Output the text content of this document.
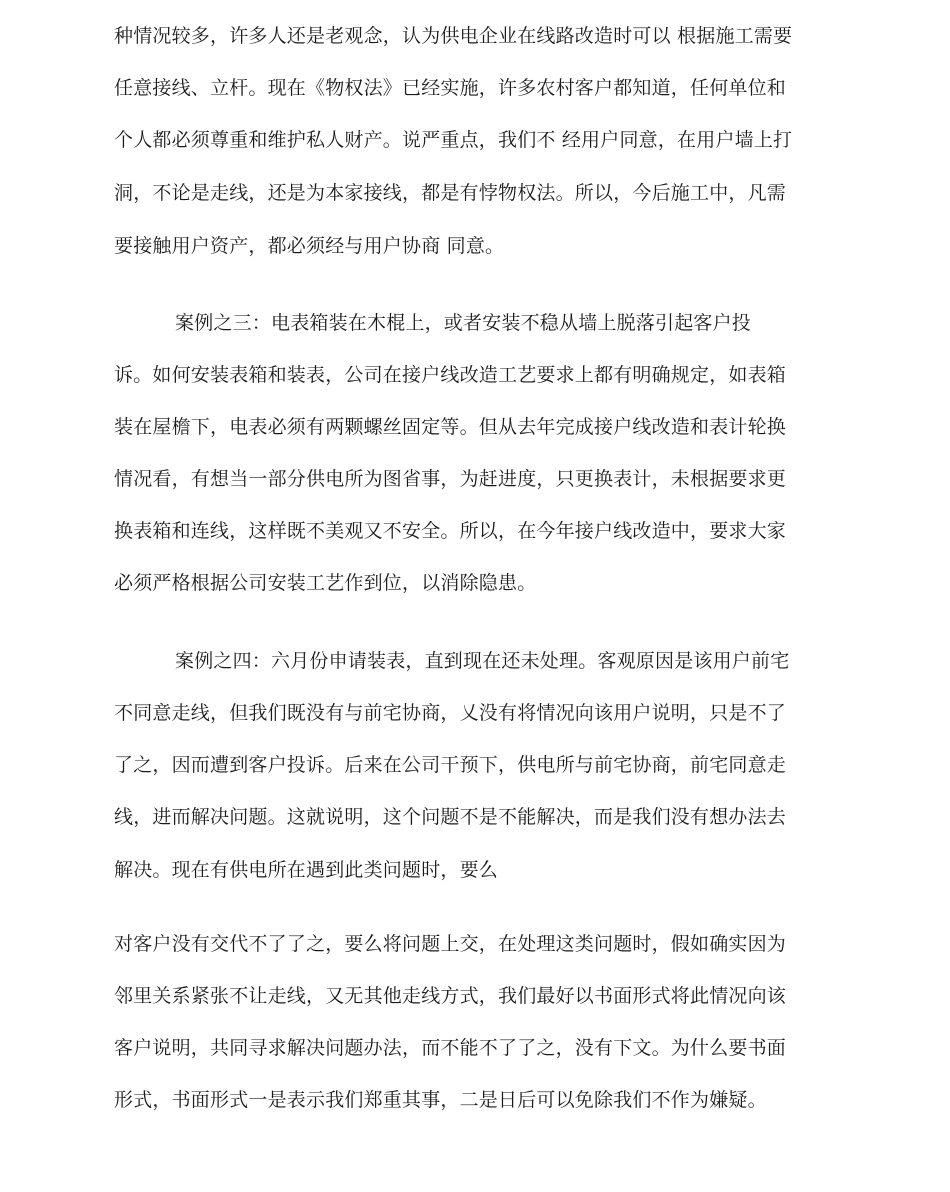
种情况较多，许多人还是老观念，认为供电企业在线路改造时可以 根据施工需要
任意接线、立杆。现在《物权法》已经实施，许多农村客户都知道，任何单位和
个人都必须尊重和维护私人财产。说严重点，我们不 经用户同意，在用户墙上打
洞，不论是走线，还是为本家接线，都是有悖物权法。所以，今后施工中，凡需
要接触用户资产，都必须经与用户协商 同意。
案例之三：电表箱装在木棍上，或者安装不稳从墙上脱落引起客户投
诉。如何安装表箱和装表，公司在接户线改造工艺要求上都有明确规定，如表箱
装在屋檐下，电表必须有两颗螺丝固定等。但从去年完成接户线改造和表计轮换
情况看，有想当一部分供电所为图省事，为赶进度，只更换表计，未根据要求更
换表箱和连线，这样既不美观又不安全。所以，在今年接户线改造中，要求大家
必须严格根据公司安装工艺作到位，以消除隐患。
案例之四：六月份申请装表，直到现在还未处理。客观原因是该用户前宅
不同意走线，但我们既没有与前宅协商，乂没有将情况向该用户说明，只是不了
了之，因而遭到客户投诉。后来在公司干预下，供电所与前宅协商，前宅同意走
线，进而解决问题。这就说明，这个问题不是不能解决，而是我们没有想办法去
解决。现在有供电所在遇到此类问题时，要么
对客户没有交代不了了之，要么将问题上交，在处理这类问题时，假如确实因为
邻里关系紧张不让走线，又无其他走线方式，我们最好以书面形式将此情况向该
客户说明，共同寻求解决问题办法，而不能不了了之，没有下文。为什么要书面
形式，书面形式一是表示我们郑重其事，二是日后可以免除我们不作为嫌疑。
